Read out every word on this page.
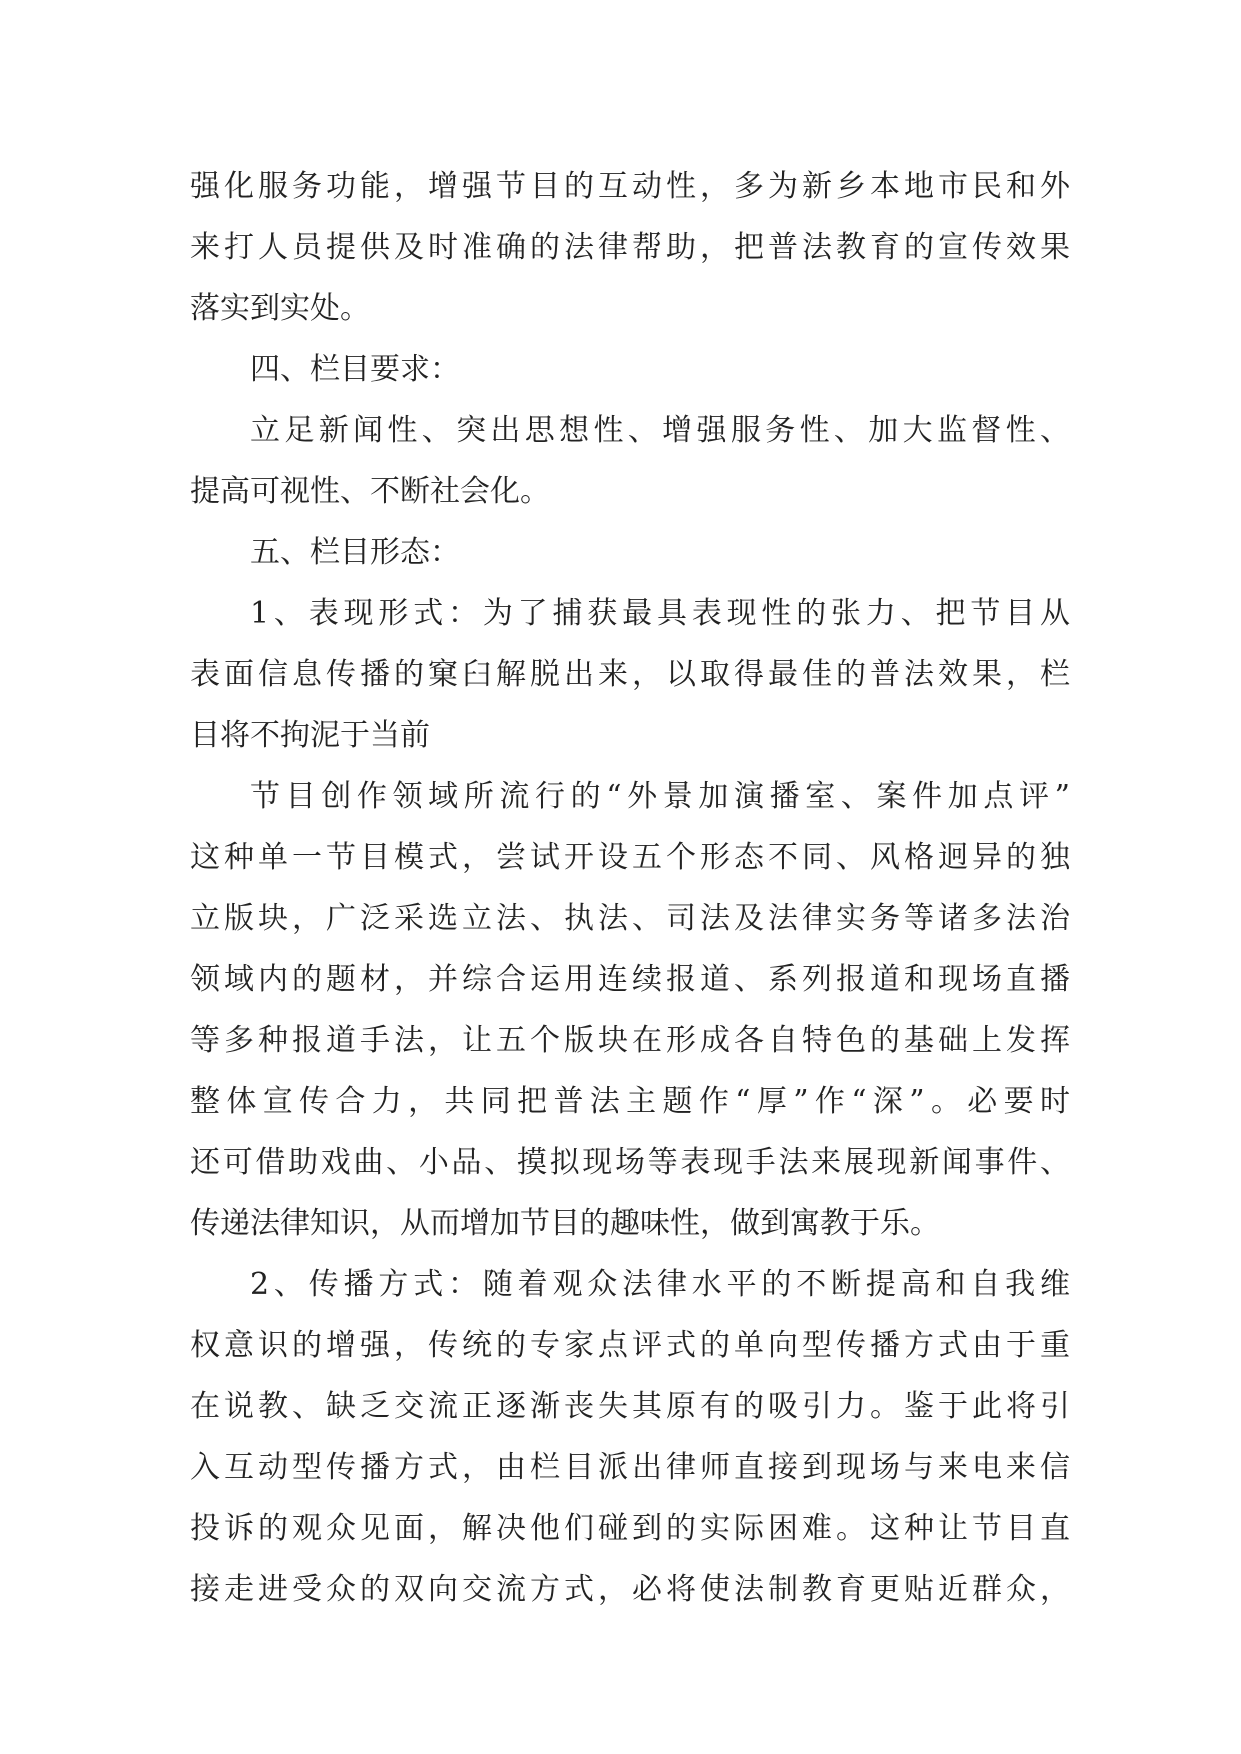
强化服务功能，增强节目的互动性，多为新乡本地市民和外
来打人员提供及时准确的法律帮助，把普法教育的宣传效果
落实到实处。
四、栏目要求：
立足新闻性、突出思想性、增强服务性、加大监督性、
提高可视性、不断社会化。
五、栏目形态：
1、表现形式：为了捕获最具表现性的张力、把节目从
表面信息传播的窠臼解脱出来，以取得最佳的普法效果，栏
目将不拘泥于当前
节目创作领域所流行的“外景加演播室、案件加点评”
这种单一节目模式，尝试开设五个形态不同、风格迥异的独
立版块，广泛采选立法、执法、司法及法律实务等诸多法治
领域内的题材，并综合运用连续报道、系列报道和现场直播
等多种报道手法，让五个版块在形成各自特色的基础上发挥
整体宣传合力，共同把普法主题作“厚”作“深”。必要时
还可借助戏曲、小品、摸拟现场等表现手法来展现新闻事件、
传递法律知识，从而增加节目的趣味性，做到寓教于乐。
2、传播方式：随着观众法律水平的不断提高和自我维
权意识的增强，传统的专家点评式的单向型传播方式由于重
在说教、缺乏交流正逐渐丧失其原有的吸引力。鉴于此将引
入互动型传播方式，由栏目派出律师直接到现场与来电来信
投诉的观众见面，解决他们碰到的实际困难。这种让节目直
接走进受众的双向交流方式，必将使法制教育更贴近群众，
